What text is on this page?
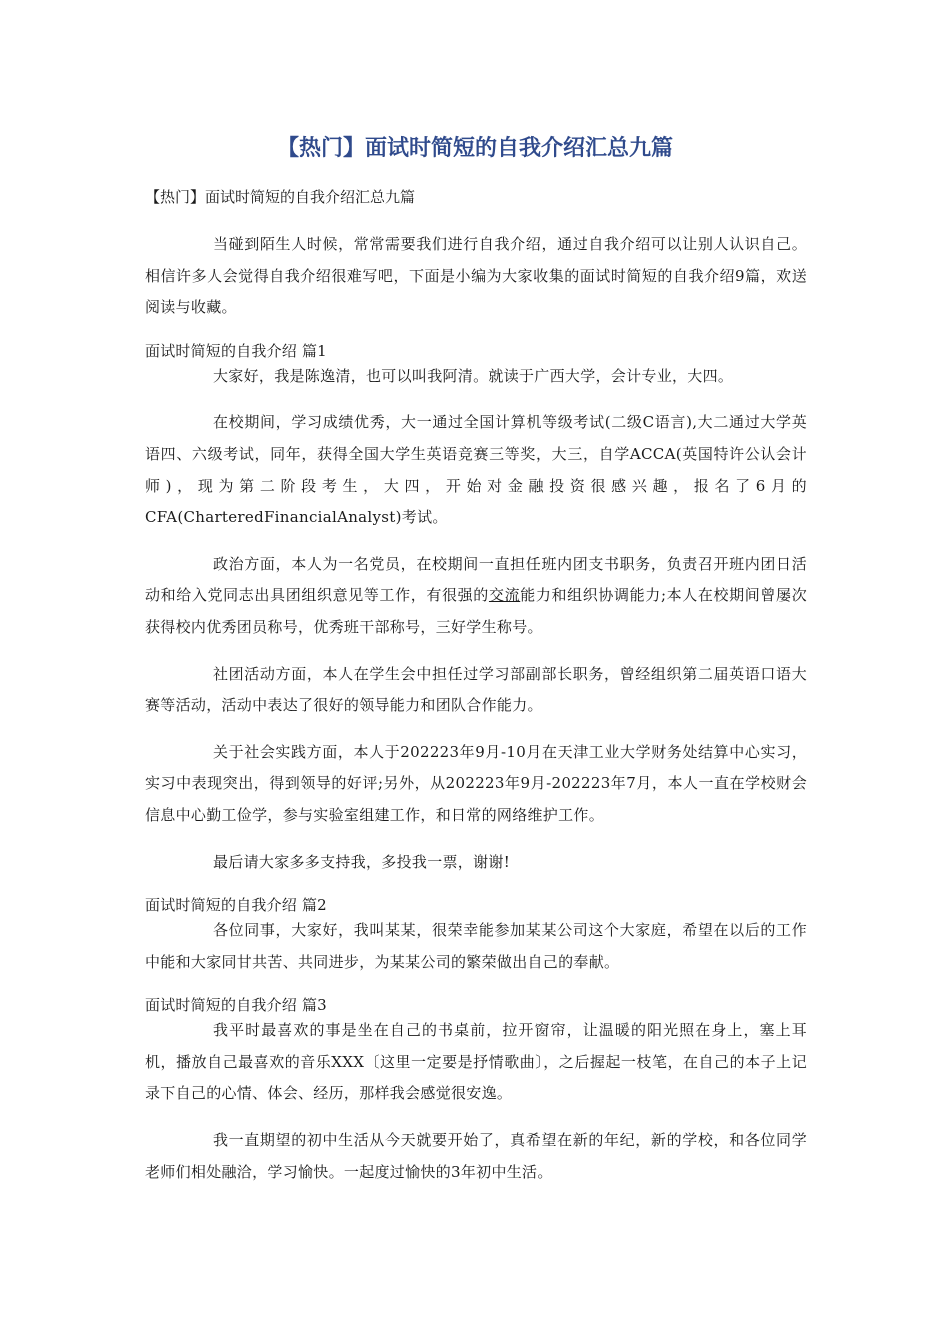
【热门】面试时简短的自我介绍汇总九篇

【热门】面试时简短的自我介绍汇总九篇

当碰到陌生人时候，常常需要我们进行自我介绍，通过自我介绍可以让别人认识自己。相信许多人会觉得自我介绍很难写吧，下面是小编为大家收集的面试时简短的自我介绍9篇，欢送阅读与收藏。

面试时简短的自我介绍 篇1

大家好，我是陈逸清，也可以叫我阿清。就读于广西大学，会计专业，大四。

在校期间，学习成绩优秀，大一通过全国计算机等级考试(二级C语言),大二通过大学英语四、六级考试，同年，获得全国大学生英语竞赛三等奖，大三，自学ACCA(英国特许公认会计师)，现为第二阶段考生，大四，开始对金融投资很感兴趣，报名了6月的CFA(CharteredFinancialAnalyst)考试。

政治方面，本人为一名党员，在校期间一直担任班内团支书职务，负责召开班内团日活动和给入党同志出具团组织意见等工作，有很强的交流能力和组织协调能力;本人在校期间曾屡次获得校内优秀团员称号，优秀班干部称号，三好学生称号。

社团活动方面，本人在学生会中担任过学习部副部长职务，曾经组织第二届英语口语大赛等活动，活动中表达了很好的领导能力和团队合作能力。

关于社会实践方面，本人于202223年9月-10月在天津工业大学财务处结算中心实习，实习中表现突出，得到领导的好评;另外，从202223年9月-202223年7月，本人一直在学校财会信息中心勤工俭学，参与实验室组建工作，和日常的网络维护工作。

最后请大家多多支持我，多投我一票，谢谢!

面试时简短的自我介绍 篇2

各位同事，大家好，我叫某某，很荣幸能参加某某公司这个大家庭，希望在以后的工作中能和大家同甘共苦、共同进步，为某某公司的繁荣做出自己的奉献。

面试时简短的自我介绍 篇3

我平时最喜欢的事是坐在自己的书桌前，拉开窗帘，让温暖的阳光照在身上，塞上耳机，播放自己最喜欢的音乐XXX〔这里一定要是抒情歌曲〕，之后握起一枝笔，在自己的本子上记录下自己的心情、体会、经历，那样我会感觉很安逸。

我一直期望的初中生活从今天就要开始了，真希望在新的年纪，新的学校，和各位同学老师们相处融洽，学习愉快。一起度过愉快的3年初中生活。
